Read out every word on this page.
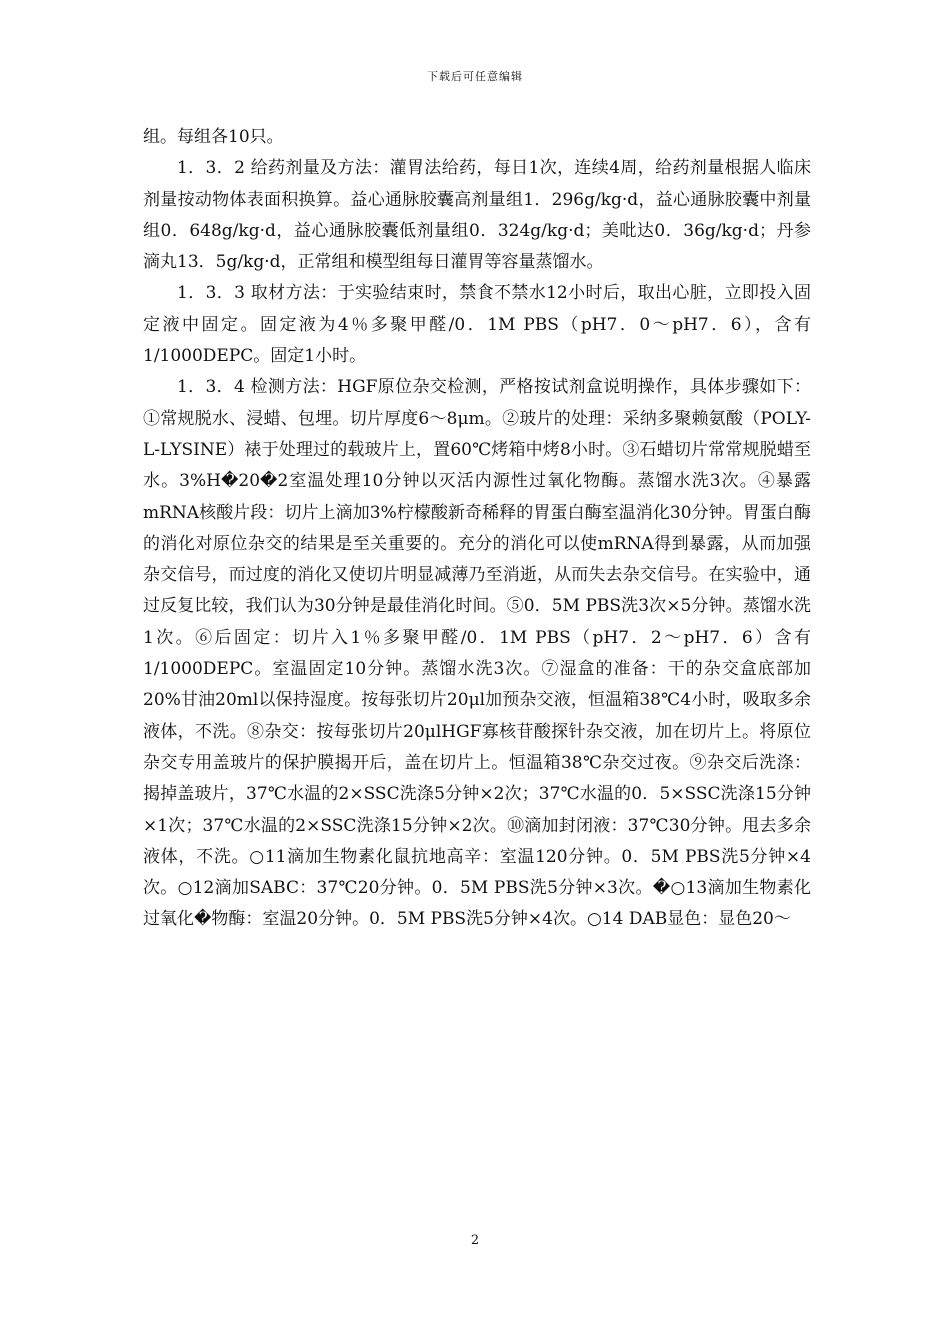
下载后可任意编辑

组。每组各10只。

1．3．2 给药剂量及方法：灌胃法给药，每日1次，连续4周，给药剂量根据人临床剂量按动物体表面积换算。益心通脉胶囊高剂量组1．296g/kg·d，益心通脉胶囊中剂量组0．648g/kg·d，益心通脉胶囊低剂量组0．324g/kg·d；美吡达0．36g/kg·d；丹参滴丸13．5g/kg·d，正常组和模型组每日灌胃等容量蒸馏水。

1．3．3 取材方法：于实验结束时，禁食不禁水12小时后，取出心脏，立即投入固定液中固定。固定液为4％多聚甲醛/0．1M PBS（pH7．0～pH7．6），含有1/1000DEPC。固定1小时。

1．3．4 检测方法：HGF原位杂交检测，严格按试剂盒说明操作，具体步骤如下：①常规脱水、浸蜡、包埋。切片厚度6～8μm。②玻片的处理：采纳多聚赖氨酸（POLY-L-LYSINE）裱于处理过的载玻片上，置60℃烤箱中烤8小时。③石蜡切片常常规脱蜡至水。3%H�20�2室温处理10分钟以灭活内源性过氧化物酶。蒸馏水洗3次。④暴露mRNA核酸片段：切片上滴加3%柠檬酸新奇稀释的胃蛋白酶室温消化30分钟。胃蛋白酶的消化对原位杂交的结果是至关重要的。充分的消化可以使mRNA得到暴露，从而加强杂交信号，而过度的消化又使切片明显减薄乃至消逝，从而失去杂交信号。在实验中，通过反复比较，我们认为30分钟是最佳消化时间。⑤0．5M PBS洗3次×5分钟。蒸馏水洗1次。⑥后固定：切片入1％多聚甲醛/0．1M PBS（pH7．2～pH7．6）含有1/1000DEPC。室温固定10分钟。蒸馏水洗3次。⑦湿盒的准备：干的杂交盒底部加20%甘油20ml以保持湿度。按每张切片20μl加预杂交液，恒温箱38℃4小时，吸取多余液体，不洗。⑧杂交：按每张切片20μlHGF寡核苷酸探针杂交液，加在切片上。将原位杂交专用盖玻片的保护膜揭开后，盖在切片上。恒温箱38℃杂交过夜。⑨杂交后洗涤：揭掉盖玻片，37℃水温的2×SSC洗涤5分钟×2次；37℃水温的0．5×SSC洗涤15分钟×1次；37℃水温的2×SSC洗涤15分钟×2次。⑩滴加封闭液：37℃30分钟。甩去多余液体，不洗。○11滴加生物素化鼠抗地高辛：室温120分钟。0．5M PBS洗5分钟×4次。○12滴加SABC：37℃20分钟。0．5M PBS洗5分钟×3次。�○13滴加生物素化过氧化�物酶：室温20分钟。0．5M PBS洗5分钟×4次。○14 DAB显色：显色20～

2
